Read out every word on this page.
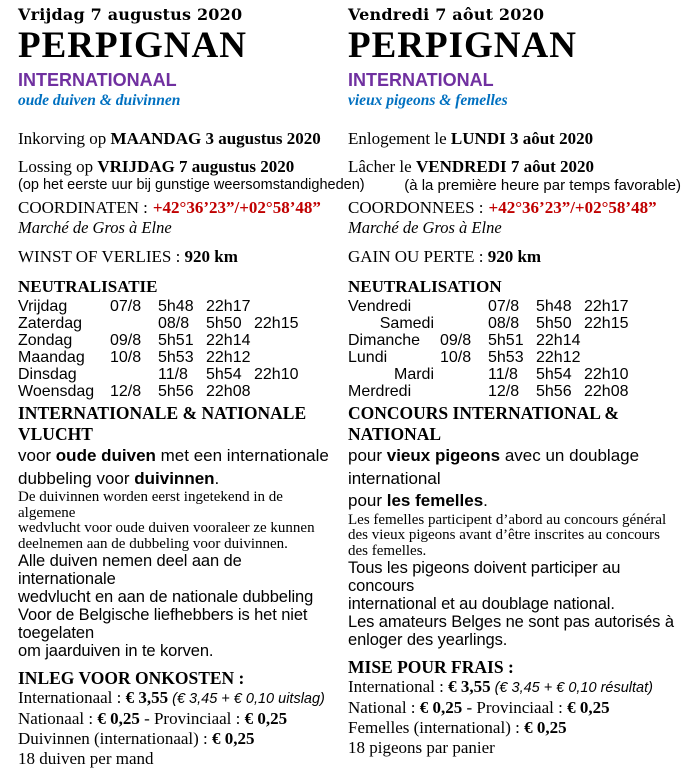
Vrijdag 7 augustus 2020
PERPIGNAN
INTERNATIONAAL
oude duiven & duivinnen
Inkorving op MAANDAG 3 augustus 2020
Lossing op VRIJDAG 7 augustus 2020
(op het eerste uur bij gunstige weersomstandigheden)
COORDINATEN : +42°36’23”/+02°58’48”
Marché de Gros à Elne
WINST OF VERLIES : 920 km
NEUTRALISATIE
Vrijdag	07/8	5h48 22h17
Zaterdag	08/8	5h50 22h15
Zondag	09/8	5h51 22h14
Maandag	10/8	5h53 22h12
Dinsdag	11/8	5h54 22h10
Woensdag 12/8	5h56 22h08
INTERNATIONALE & NATIONALE VLUCHT
voor oude duiven met een internationale
dubbeling voor duivinnen.
De duivinnen worden eerst ingetekend in de algemene
wedvlucht voor oude duiven vooraleer ze kunnen
deelnemen aan de dubbeling voor duivinnen.
Alle duiven nemen deel aan de internationale
wedvlucht en aan de nationale dubbeling
Voor de Belgische liefhebbers is het niet toegelaten
om jaarduiven in te korven.
INLEG VOOR ONKOSTEN :
Internationaal : € 3,55 (€ 3,45 + € 0,10 uitslag)
Nationaal : € 0,25 - Provinciaal : € 0,25
Duivinnen (internationaal) : € 0,25
18 duiven per mand
Vendredi 7 aôut 2020
PERPIGNAN
INTERNATIONAL
vieux pigeons & femelles
Enlogement le LUNDI 3 aôut 2020
Lâcher le VENDREDI 7 aôut 2020
(à la première heure par temps favorable)
COORDONNEES : +42°36’23”/+02°58’48”
Marché de Gros à Elne
GAIN OU PERTE : 920 km
NEUTRALISATION
Vendredi	07/8	5h48 22h17
Samedi	08/8	5h50 22h15
Dimanche	09/8	5h51 22h14
Lundi	10/8	5h53 22h12
Mardi	11/8	5h54 22h10
Merdredi	12/8	5h56 22h08
CONCOURS INTERNATIONAL & NATIONAL
pour vieux pigeons avec un doublage international
pour les femelles.
Les femelles participent d’abord au concours général
des vieux pigeons avant d’être inscrites au concours
des femelles.
Tous les pigeons doivent participer au concours
international et au doublage national.
Les amateurs Belges ne sont pas autorisés à
enloger des yearlings.
MISE POUR FRAIS :
International : € 3,55 (€ 3,45 + € 0,10 résultat)
National : € 0,25 - Provinciaal : € 0,25
Femelles (international) : € 0,25
18 pigeons par panier
